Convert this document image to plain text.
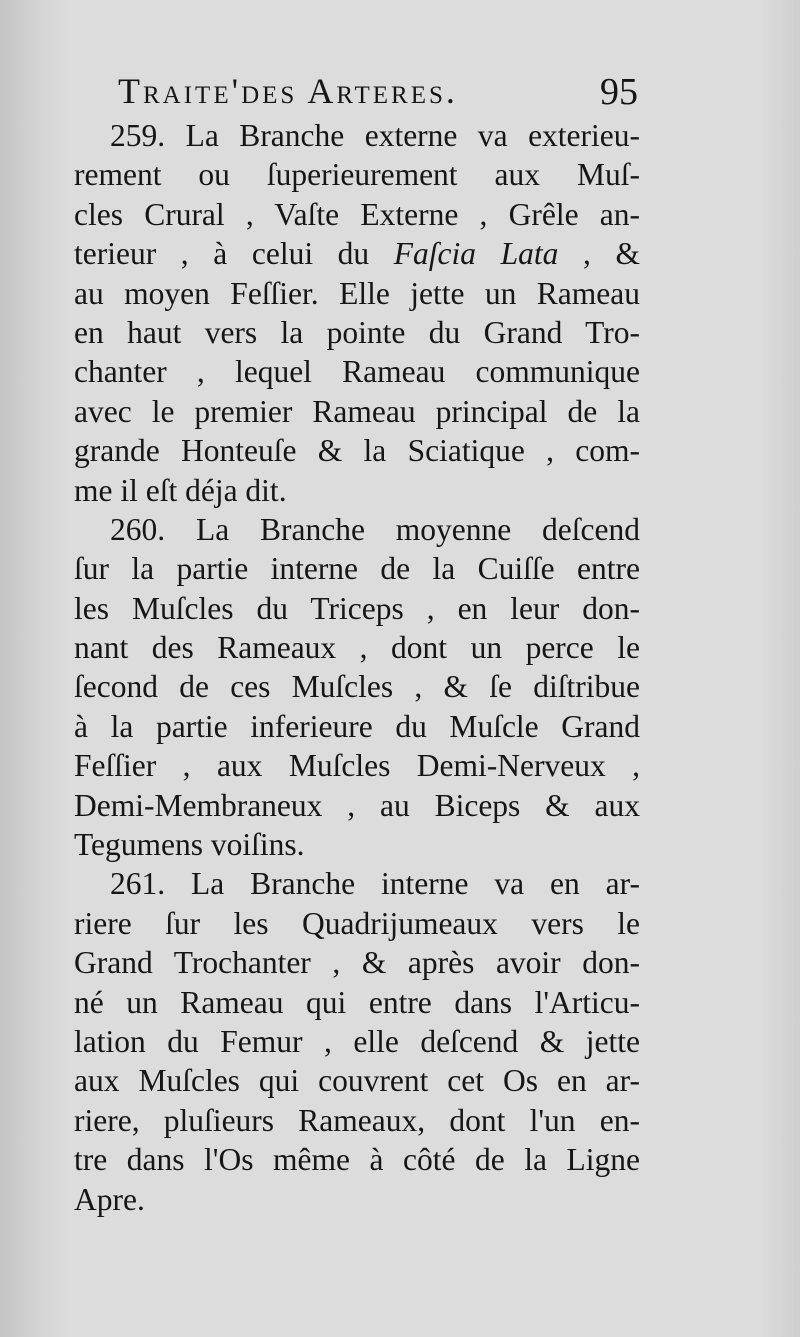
Traite'des Arteres.	95
259. La Branche externe va exterieu-
rement ou ſuperieurement aux Muſ-
cles Crural , Vaſte Externe , Grêle an-
terieur , à celui du Faſcia Lata , &
au moyen Feſſier. Elle jette un Rameau
en haut vers la pointe du Grand Tro-
chanter , lequel Rameau communique
avec le premier Rameau principal de la
grande Honteuſe & la Sciatique , com-
me il eſt déja dit.
260. La Branche moyenne deſcend
ſur la partie interne de la Cuiſſe entre
les Muſcles du Triceps , en leur don-
nant des Rameaux , dont un perce le
ſecond de ces Muſcles , & ſe diſtribue
à la partie inferieure du Muſcle Grand
Feſſier , aux Muſcles Demi-Nerveux ,
Demi-Membraneux , au Biceps & aux
Tegumens voiſins.
261. La Branche interne va en ar-
riere ſur les Quadrijumeaux vers le
Grand Trochanter , & après avoir don-
né un Rameau qui entre dans l'Articu-
lation du Femur , elle deſcend & jette
aux Muſcles qui couvrent cet Os en ar-
riere, pluſieurs Rameaux, dont l'un en-
tre dans l'Os même à côté de la Ligne
Apre.
